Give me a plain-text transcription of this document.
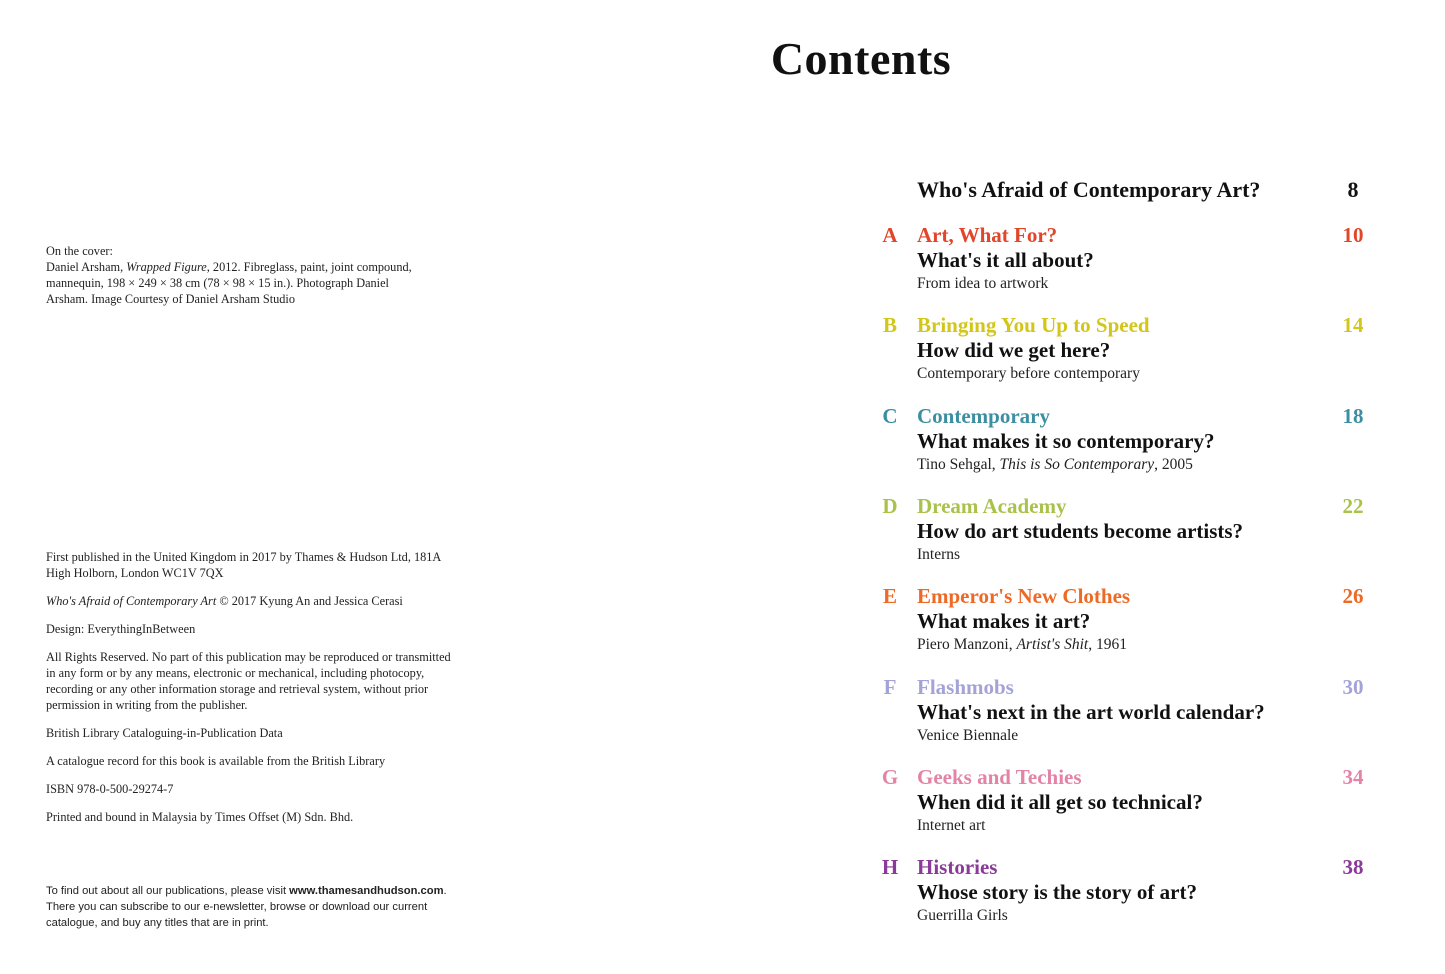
Contents

On the cover:

Daniel Arsham, Wrapped Figure, 2012. Fibreglass, paint, joint compound, mannequin, 198 × 249 × 38 cm (78 × 98 × 15 in.). Photograph Daniel Arsham. Image Courtesy of Daniel Arsham Studio

First published in the United Kingdom in 2017 by Thames & Hudson Ltd, 181A High Holborn, London WC1V 7QX

Who's Afraid of Contemporary Art © 2017 Kyung An and Jessica Cerasi

Design: EverythingInBetween

All Rights Reserved. No part of this publication may be reproduced or transmitted in any form or by any means, electronic or mechanical, including photocopy, recording or any other information storage and retrieval system, without prior permission in writing from the publisher.

British Library Cataloguing-in-Publication Data

A catalogue record for this book is available from the British Library

ISBN 978-0-500-29274-7

Printed and bound in Malaysia by Times Offset (M) Sdn. Bhd.

To find out about all our publications, please visit www.thamesandhudson.com. There you can subscribe to our e-newsletter, browse or download our current catalogue, and buy any titles that are in print.

Who's Afraid of Contemporary Art?	8
A Art, What For?	10
What's it all about?
From idea to artwork
B Bringing You Up to Speed	14
How did we get here?
Contemporary before contemporary
C Contemporary	18
What makes it so contemporary?
Tino Sehgal, This is So Contemporary, 2005
D Dream Academy	22
How do art students become artists?
Interns
E Emperor's New Clothes	26
What makes it art?
Piero Manzoni, Artist's Shit, 1961
F Flashmobs	30
What's next in the art world calendar?
Venice Biennale
G Geeks and Techies	34
When did it all get so technical?
Internet art
H Histories	38
Whose story is the story of art?
Guerrilla Girls
